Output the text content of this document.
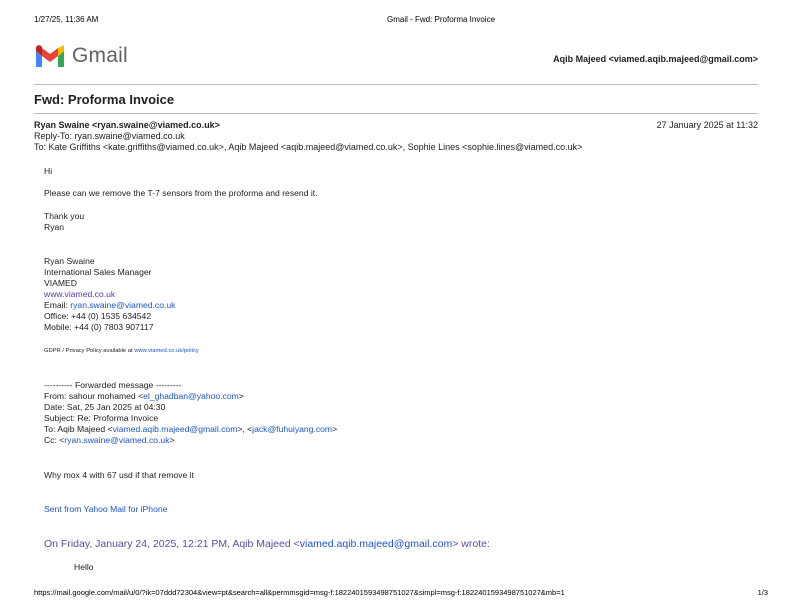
1/27/25, 11:36 AM	Gmail - Fwd: Proforma Invoice
Gmail	Aqib Majeed <viamed.aqib.majeed@gmail.com>
Fwd: Proforma Invoice
Ryan Swaine <ryan.swaine@viamed.co.uk>	27 January 2025 at 11:32
Reply-To: ryan.swaine@viamed.co.uk
To: Kate Griffiths <kate.griffiths@viamed.co.uk>, Aqib Majeed <aqib.majeed@viamed.co.uk>, Sophie Lines <sophie.lines@viamed.co.uk>
Hi
Please can we remove the T-7 sensors from the proforma and resend it.
Thank you
Ryan
Ryan Swaine
International Sales Manager
VIAMED
www.viamed.co.uk
Email: ryan.swaine@viamed.co.uk
Office: +44 (0) 1535 634542
Mobile: +44 (0) 7803 907117
GDPR / Privacy Policy available at www.viamed.co.uk/policy
---------- Forwarded message ---------
From: sahour mohamed <el_ghadban@yahoo.com>
Date: Sat, 25 Jan 2025 at 04:30
Subject: Re: Proforma Invoice
To: Aqib Majeed <viamed.aqib.majeed@gmail.com>, <jack@fuhuiyang.com>
Cc: <ryan.swaine@viamed.co.uk>
Why mox 4 with 67 usd if that remove it
Sent from Yahoo Mail for iPhone
On Friday, January 24, 2025, 12:21 PM, Aqib Majeed <viamed.aqib.majeed@gmail.com> wrote:
Hello
https://mail.google.com/mail/u/0/?ik=07ddd72304&view=pt&search=all&permmsgid=msg-f:1822401593498751027&simpl=msg-f:1822401593498751027&mb=1	1/3
